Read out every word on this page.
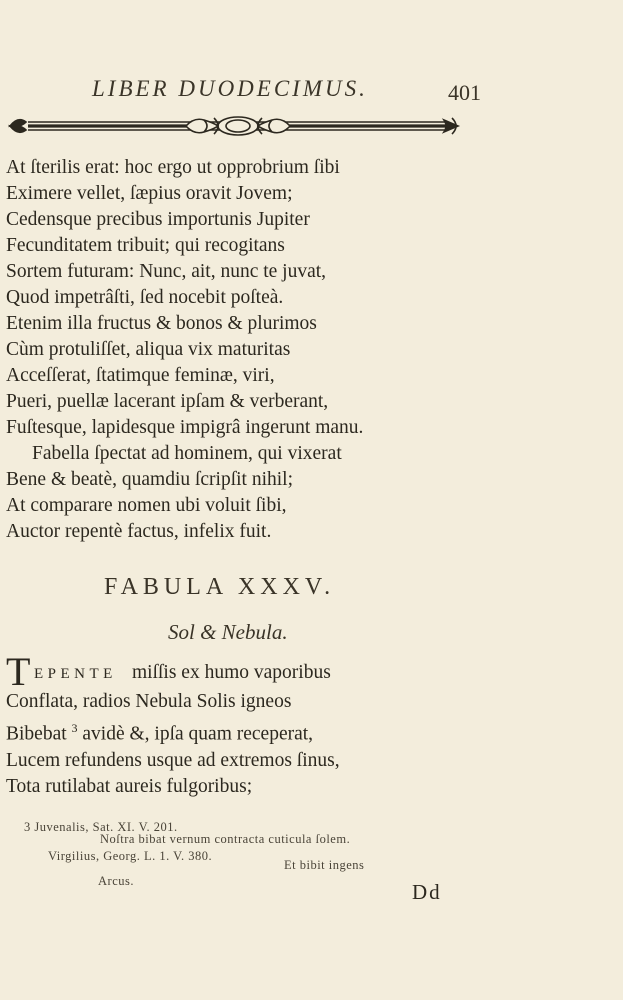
LIBER DUODECIMUS.	401
At ſterilis erat: hoc ergo ut opprobrium ſibi
Eximere vellet, ſæpius oravit Jovem;
Cedensque precibus importunis Jupiter
Fecunditatem tribuit; qui recogitans
Sortem futuram: Nunc, ait, nunc te juvat,
Quod impetrâſti, ſed nocebit poſteà.
Etenim illa fructus & bonos & plurimos
Cùm protuliſſet, aliqua vix maturitas
Acceſſerat, ſtatimque feminæ, viri,
Pueri, puellæ lacerant ipſam & verberant,
Fuſtesque, lapidesque impigrâ ingerunt manu.
Fabella ſpectat ad hominem, qui vixerat
Bene & beatè, quamdiu ſcripſit nihil;
At comparare nomen ubi voluit ſibi,
Auctor repentè factus, infelix fuit.
FABULA XXXV.
Sol & Nebula.
T EPENTE miſſis ex humo vaporibus
Conflata, radios Nebula Solis igneos
Bibebat $^3$ avidè &, ipſa quam receperat,
Lucem refundens usque ad extremos ſinus,
Tota rutilabat aureis fulgoribus;
3 Juvenalis, Sat. XI. V. 201.
Noſtra bibat vernum contracta cuticula ſolem.
Virgilius, Georg. L. 1. V. 380.
Et bibit ingens
Arcus.	Dd
